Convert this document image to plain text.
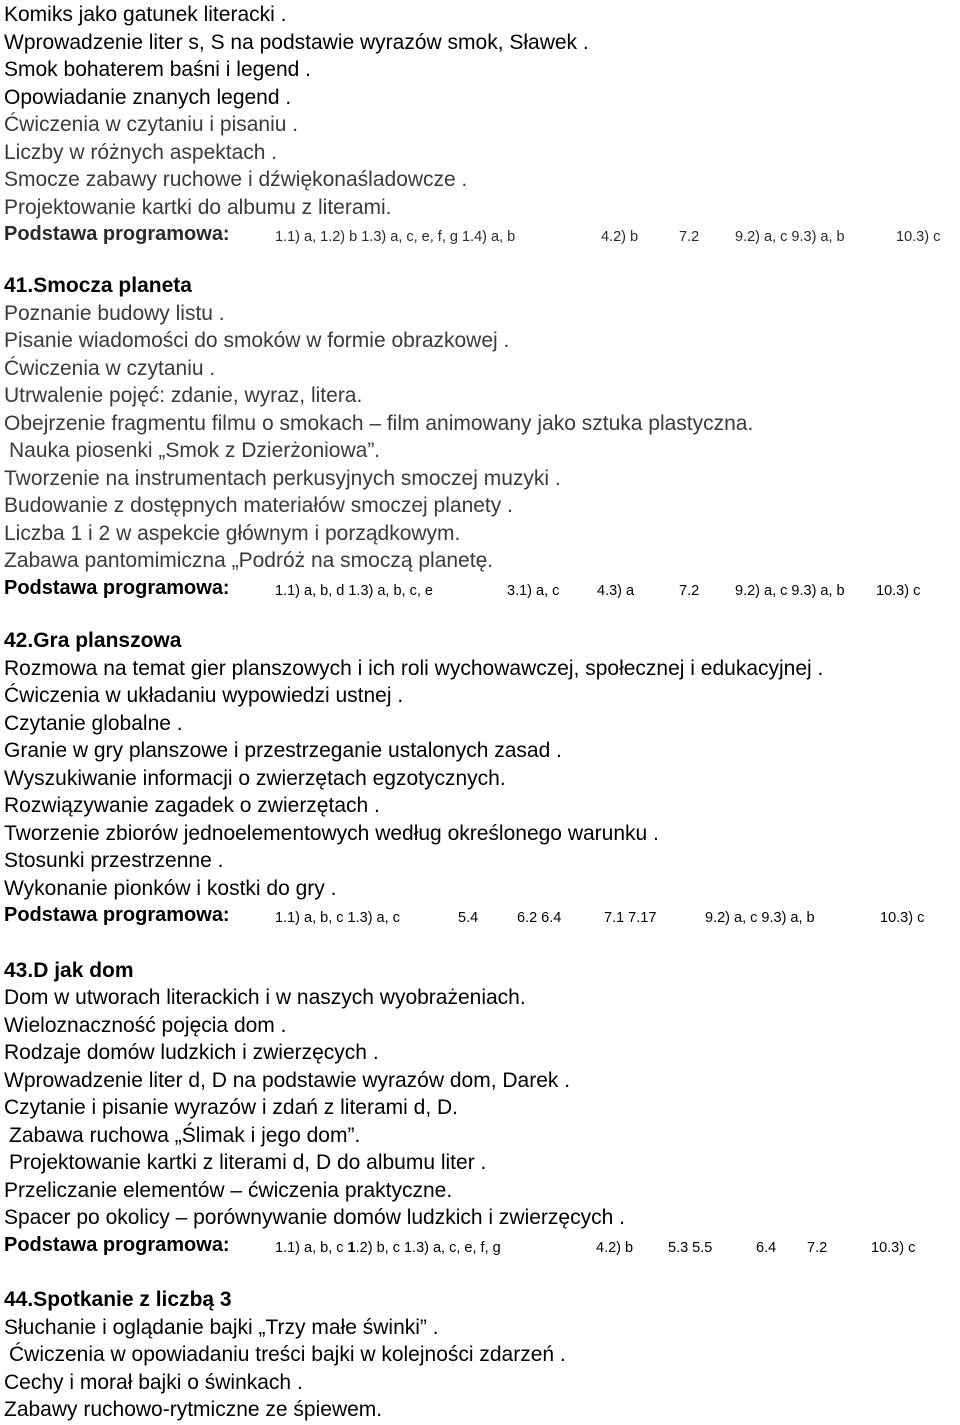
Komiks jako gatunek literacki .
Wprowadzenie liter s, S na podstawie wyrazów smok, Sławek .
Smok bohaterem baśni i legend .
Opowiadanie znanych legend .
Ćwiczenia w czytaniu i pisaniu .
Liczby w różnych aspektach .
Smocze zabawy ruchowe i dźwiękonaśladowcze .
Projektowanie kartki do albumu z literami.
Podstawa programowa:	1.1) a, 1.2) b 1.3) a, c, e, f, g 1.4) a, b	4.2) b	7.2 9.2) a, c 9.3) a, b	10.3) c
41.Smocza planeta
Poznanie budowy listu .
Pisanie wiadomości do smoków w formie obrazkowej .
Ćwiczenia w czytaniu .
Utrwalenie pojęć: zdanie, wyraz, litera.
Obejrzenie fragmentu filmu o smokach – film animowany jako sztuka plastyczna.
Nauka piosenki „Smok z Dzierżoniowa”.
Tworzenie na instrumentach perkusyjnych smoczej muzyki .
Budowanie z dostępnych materiałów smoczej planety .
Liczba 1 i 2 w aspekcie głównym i porządkowym.
Zabawa pantomimiczna „Podróż na smoczą planetę.
Podstawa programowa:	1.1) a, b, d 1.3) a, b, c, e	3.1) a, c	4.3) a	7.2 9.2) a, c 9.3) a, b 10.3) c
42.Gra planszowa
Rozmowa na temat gier planszowych i ich roli wychowawczej, społecznej i edukacyjnej .
Ćwiczenia w układaniu wypowiedzi ustnej .
Czytanie globalne .
Granie w gry planszowe i przestrzeganie ustalonych zasad .
Wyszukiwanie informacji o zwierzętach egzotycznych.
Rozwiązywanie zagadek o zwierzętach .
Tworzenie zbiorów jednoelementowych według określonego warunku .
Stosunki przestrzenne .
Wykonanie pionków i kostki do gry .
Podstawa programowa:	1.1) a, b, c 1.3) a, c	5.4	6.2 6.4	7.1 7.17	9.2) a, c 9.3) a, b	10.3) c
43.D jak dom
Dom w utworach literackich i w naszych wyobrażeniach.
Wieloznaczność pojęcia dom .
Rodzaje domów ludzkich i zwierzęcych .
Wprowadzenie liter d, D na podstawie wyrazów dom, Darek .
Czytanie i pisanie wyrazów i zdań z literami d, D.
Zabawa ruchowa „Ślimak i jego dom”.
Projektowanie kartki z literami d, D do albumu liter .
Przeliczanie elementów – ćwiczenia praktyczne.
Spacer po okolicy – porównywanie domów ludzkich i zwierzęcych .
Podstawa programowa:	1.1) a, b, c 1.2) b, c 1.3) a, c, e, f, g	4.2) b 5.3 5.5	6.4 7.2	10.3) c
44.Spotkanie z liczbą 3
Słuchanie i oglądanie bajki „Trzy małe świnki” .
Ćwiczenia w opowiadaniu treści bajki w kolejności zdarzeń .
Cechy i morał bajki o świnkach .
Zabawy ruchowo-rytmiczne ze śpiewem.
